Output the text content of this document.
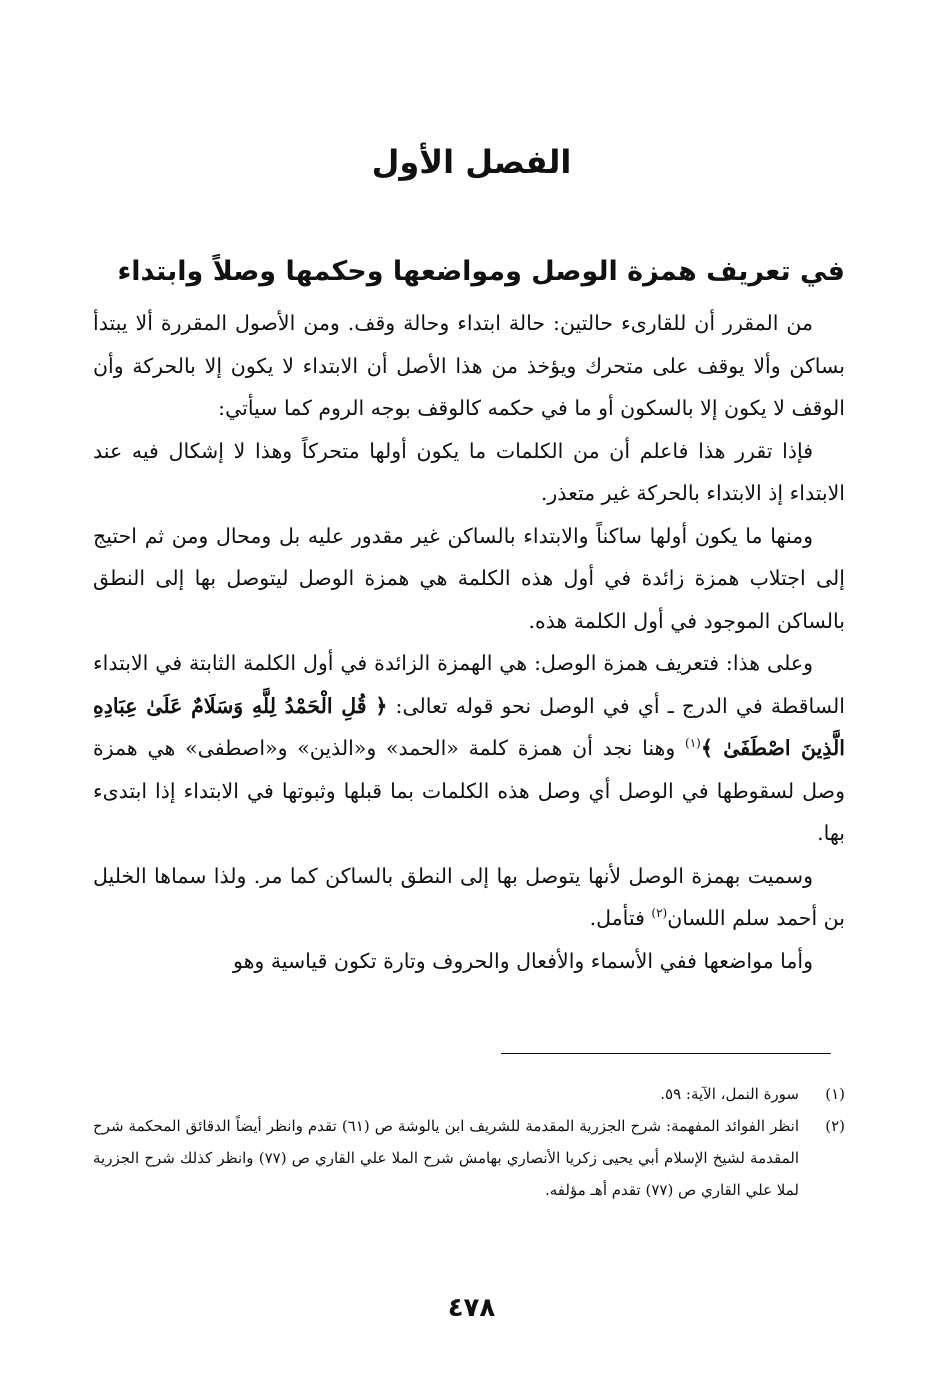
الفصل الأول
في تعريف همزة الوصل ومواضعها وحكمها وصلاً وابتداء

من المقرر أن للقارىء حالتين: حالة ابتداء وحالة وقف. ومن الأصول المقررة ألا يبتدأ بساكن وألا يوقف على متحرك ويؤخذ من هذا الأصل أن الابتداء لا يكون إلا بالحركة وأن الوقف لا يكون إلا بالسكون أو ما في حكمه كالوقف بوجه الروم كما سيأتي:

فإذا تقرر هذا فاعلم أن من الكلمات ما يكون أولها متحركاً وهذا لا إشكال فيه عند الابتداء إذ الابتداء بالحركة غير متعذر.

ومنها ما يكون أولها ساكناً والابتداء بالساكن غير مقدور عليه بل ومحال ومن ثم احتيج إلى اجتلاب همزة زائدة في أول هذه الكلمة هي همزة الوصل ليتوصل بها إلى النطق بالساكن الموجود في أول الكلمة هذه.

وعلى هذا: فتعريف همزة الوصل: هي الهمزة الزائدة في أول الكلمة الثابتة في الابتداء الساقطة في الدرج ـ أي في الوصل نحو قوله تعالى: ﴿ قُلِ الْحَمْدُ لِلَّهِ وَسَلَامٌ عَلَىٰ عِبَادِهِ الَّذِينَ اصْطَفَىٰ ﴾$^{(١)}$ وهنا نجد أن همزة كلمة «الحمد» و«الذين» و«اصطفى» هي همزة وصل لسقوطها في الوصل أي وصل هذه الكلمات بما قبلها وثبوتها في الابتداء إذا ابتدىء بها.

وسميت بهمزة الوصل لأنها يتوصل بها إلى النطق بالساكن كما مر. ولذا سماها الخليل بن أحمد سلم اللسان$^{(٢)}$ فتأمل.

وأما مواضعها ففي الأسماء والأفعال والحروف وتارة تكون قياسية وهو

(١)
سورة النمل، الآية: ٥٩.
(٢)
انظر الفوائد المفهمة: شرح الجزرية المقدمة للشريف ابن يالوشة ص (٦١) تقدم وانظر أيضاً الدقائق المحكمة شرح المقدمة لشيخ الإسلام أبي يحيى زكريا الأنصاري بهامش شرح الملا علي القاري ص (٧٧) وانظر كذلك شرح الجزرية لملا علي القاري ص (٧٧) تقدم أهـ مؤلفه.
٤٧٨
